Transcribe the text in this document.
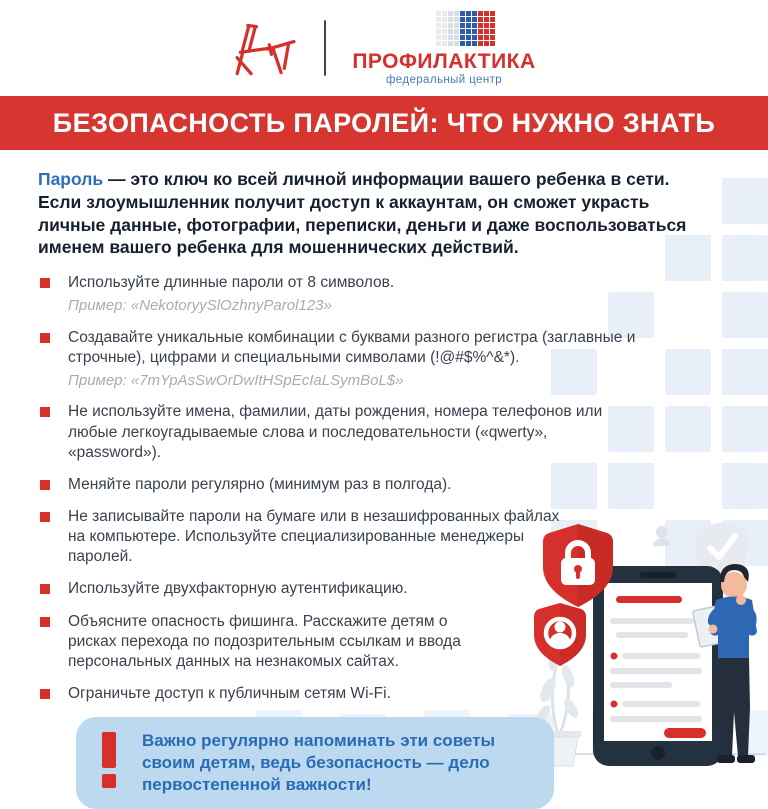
ПРОФИЛАКТИКА

федеральный центр

БЕЗОПАСНОСТЬ ПАРОЛЕЙ: ЧТО НУЖНО ЗНАТЬ

Пароль — это ключ ко всей личной информации вашего ребенка в сети. Если злоумышленник получит доступ к аккаунтам, он сможет украсть личные данные, фотографии, переписки, деньги и даже воспользоваться именем вашего ребенка для мошеннических действий.

Используйте длинные пароли от 8 символов.
Пример: «NekotoryySlOzhnyParol123»
Создавайте уникальные комбинации с буквами разного регистра (заглавные и строчные), цифрами и специальными символами (!@#$%^&*).
Пример: «7mYpAsSwOrDwItHSpEcIaLSymBoL$»
Не используйте имена, фамилии, даты рождения, номера телефонов или любые легкоугадываемые слова и последовательности («qwerty», «password»).
Меняйте пароли регулярно (минимум раз в полгода).
Не записывайте пароли на бумаге или в незашифрованных файлах на компьютере. Используйте специализированные менеджеры паролей.
Используйте двухфакторную аутентификацию.
Объясните опасность фишинга. Расскажите детям о рисках перехода по подозрительным ссылкам и ввода персональных данных на незнакомых сайтах.
Ограничьте доступ к публичным сетям Wi-Fi.

Важно регулярно напоминать эти советы своим детям, ведь безопасность — дело первостепенной важности!
